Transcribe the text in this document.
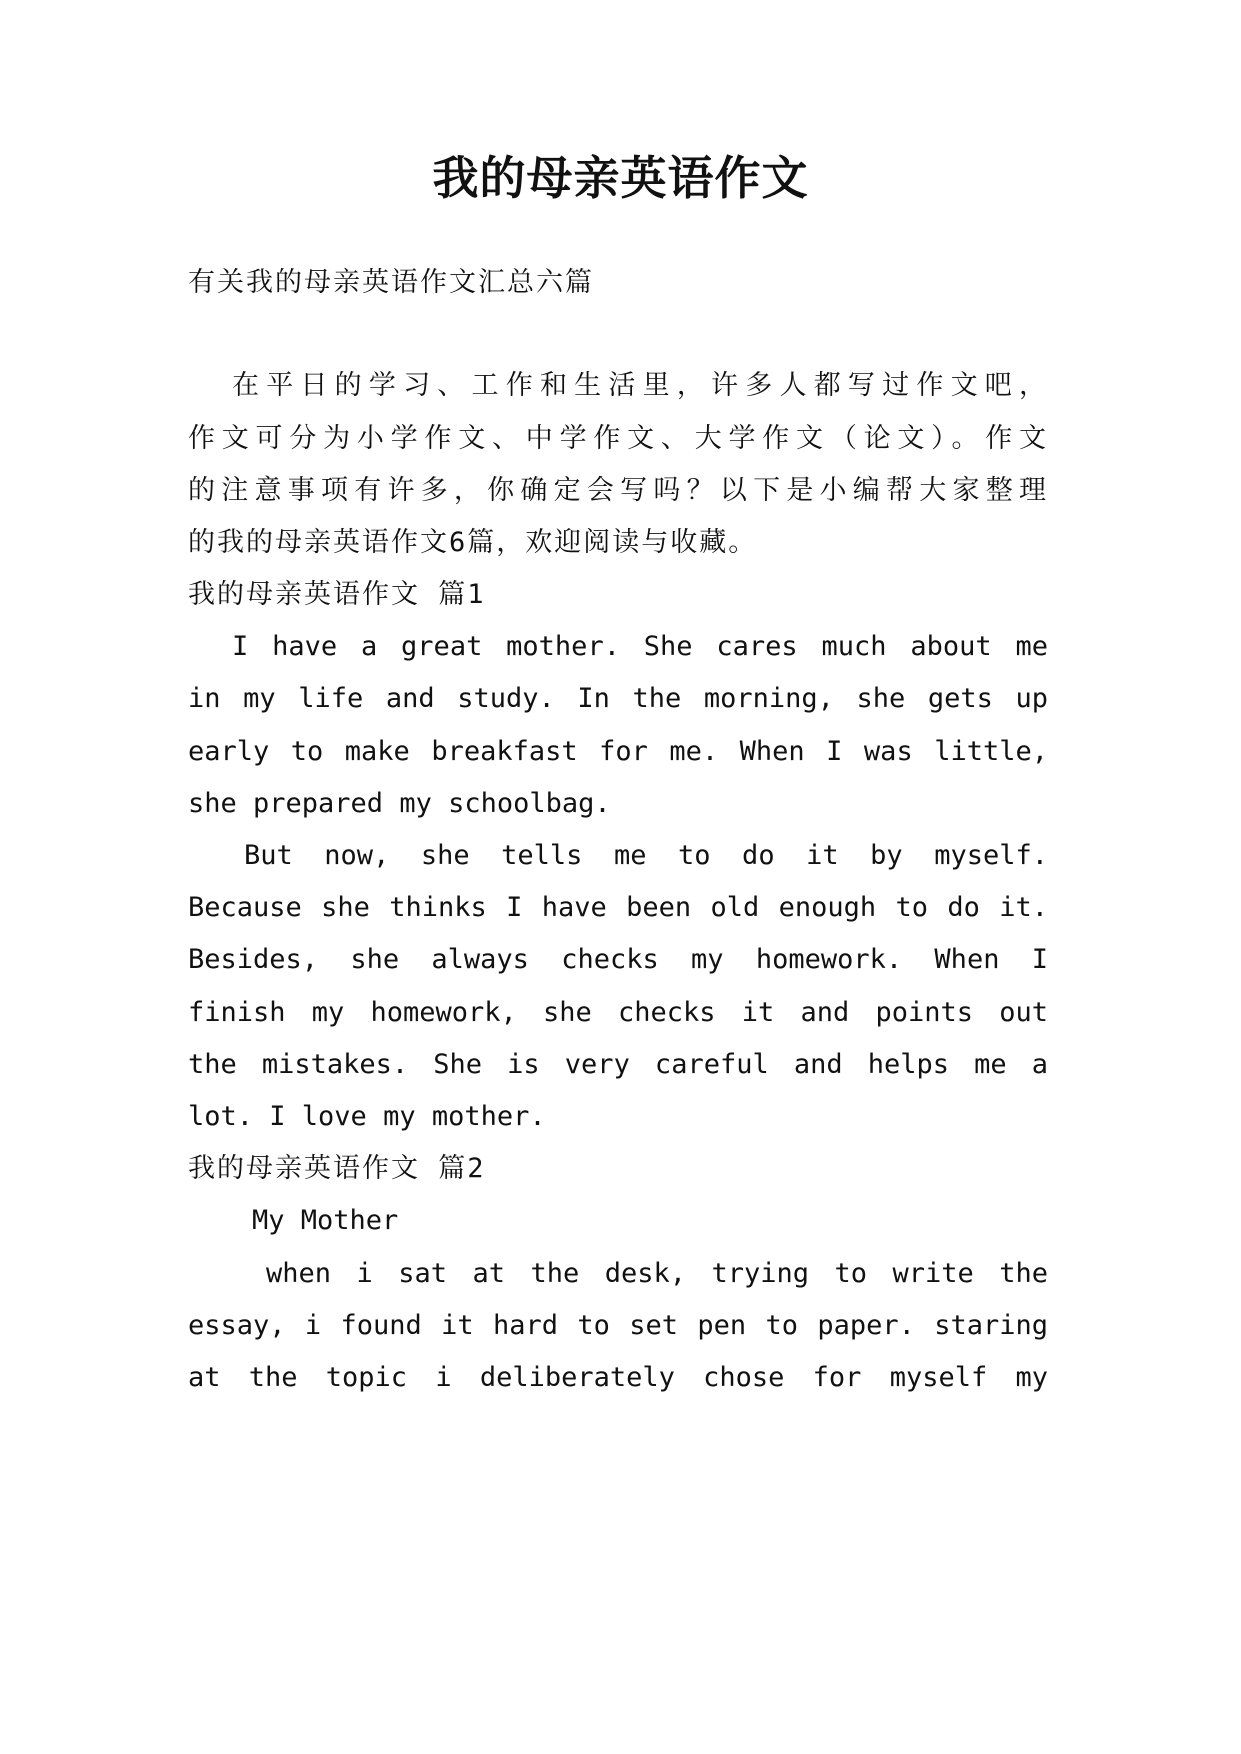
我的母亲英语作文
有关我的母亲英语作文汇总六篇
在平日的学习、工作和生活里，许多人都写过作文吧，
作文可分为小学作文、中学作文、大学作文（论文）。作文
的注意事项有许多，你确定会写吗？以下是小编帮大家整理
的我的母亲英语作文6篇，欢迎阅读与收藏。
我的母亲英语作文 篇1
I have a great mother. She cares much about me
in my life and study. In the morning, she gets up
early to make breakfast for me. When I was little,
she prepared my schoolbag.
But now, she tells me to do it by myself.
Because she thinks I have been old enough to do it.
Besides, she always checks my homework. When I
finish my homework, she checks it and points out
the mistakes. She is very careful and helps me a
lot. I love my mother.
我的母亲英语作文 篇2
My Mother
when i sat at the desk, trying to write the
essay, i found it hard to set pen to paper. staring
at the topic i deliberately chose for myself my
